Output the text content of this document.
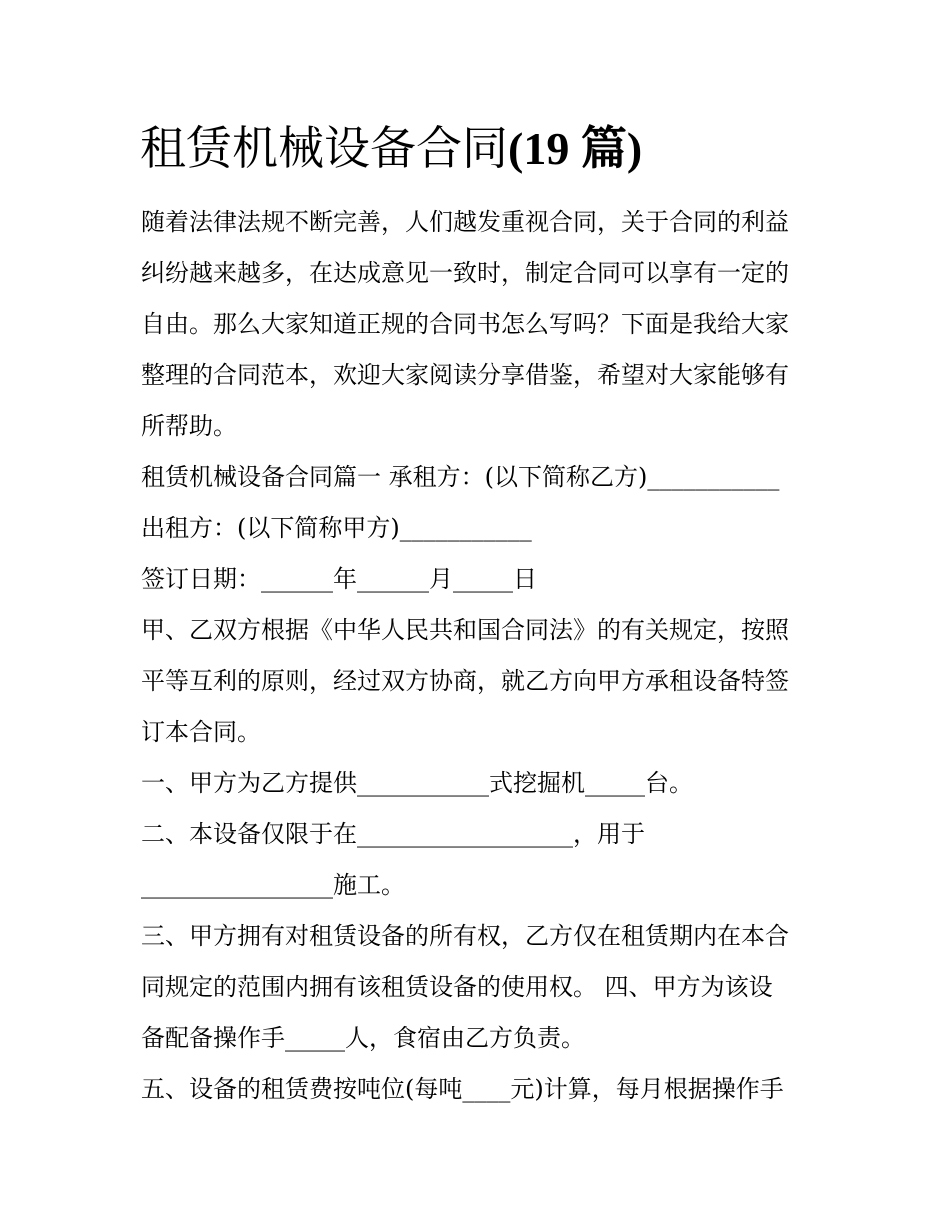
租赁机械设备合同(19 篇)

随着法律法规不断完善，人们越发重视合同，关于合同的利益

纠纷越来越多，在达成意见一致时，制定合同可以享有一定的

自由。那么大家知道正规的合同书怎么写吗？下面是我给大家

整理的合同范本，欢迎大家阅读分享借鉴，希望对大家能够有

所帮助。

租赁机械设备合同篇一 承租方：(以下简称乙方)___________

出租方：(以下简称甲方)___________

签订日期：______年______月_____日

甲、乙双方根据《中华人民共和国合同法》的有关规定，按照

平等互利的原则，经过双方协商，就乙方向甲方承租设备特签

订本合同。

一、甲方为乙方提供___________式挖掘机_____台。

二、本设备仅限于在__________________，用于

________________施工。

三、甲方拥有对租赁设备的所有权，乙方仅在租赁期内在本合

同规定的范围内拥有该租赁设备的使用权。 四、甲方为该设

备配备操作手_____人，食宿由乙方负责。

五、设备的租赁费按吨位(每吨____元)计算，每月根据操作手
